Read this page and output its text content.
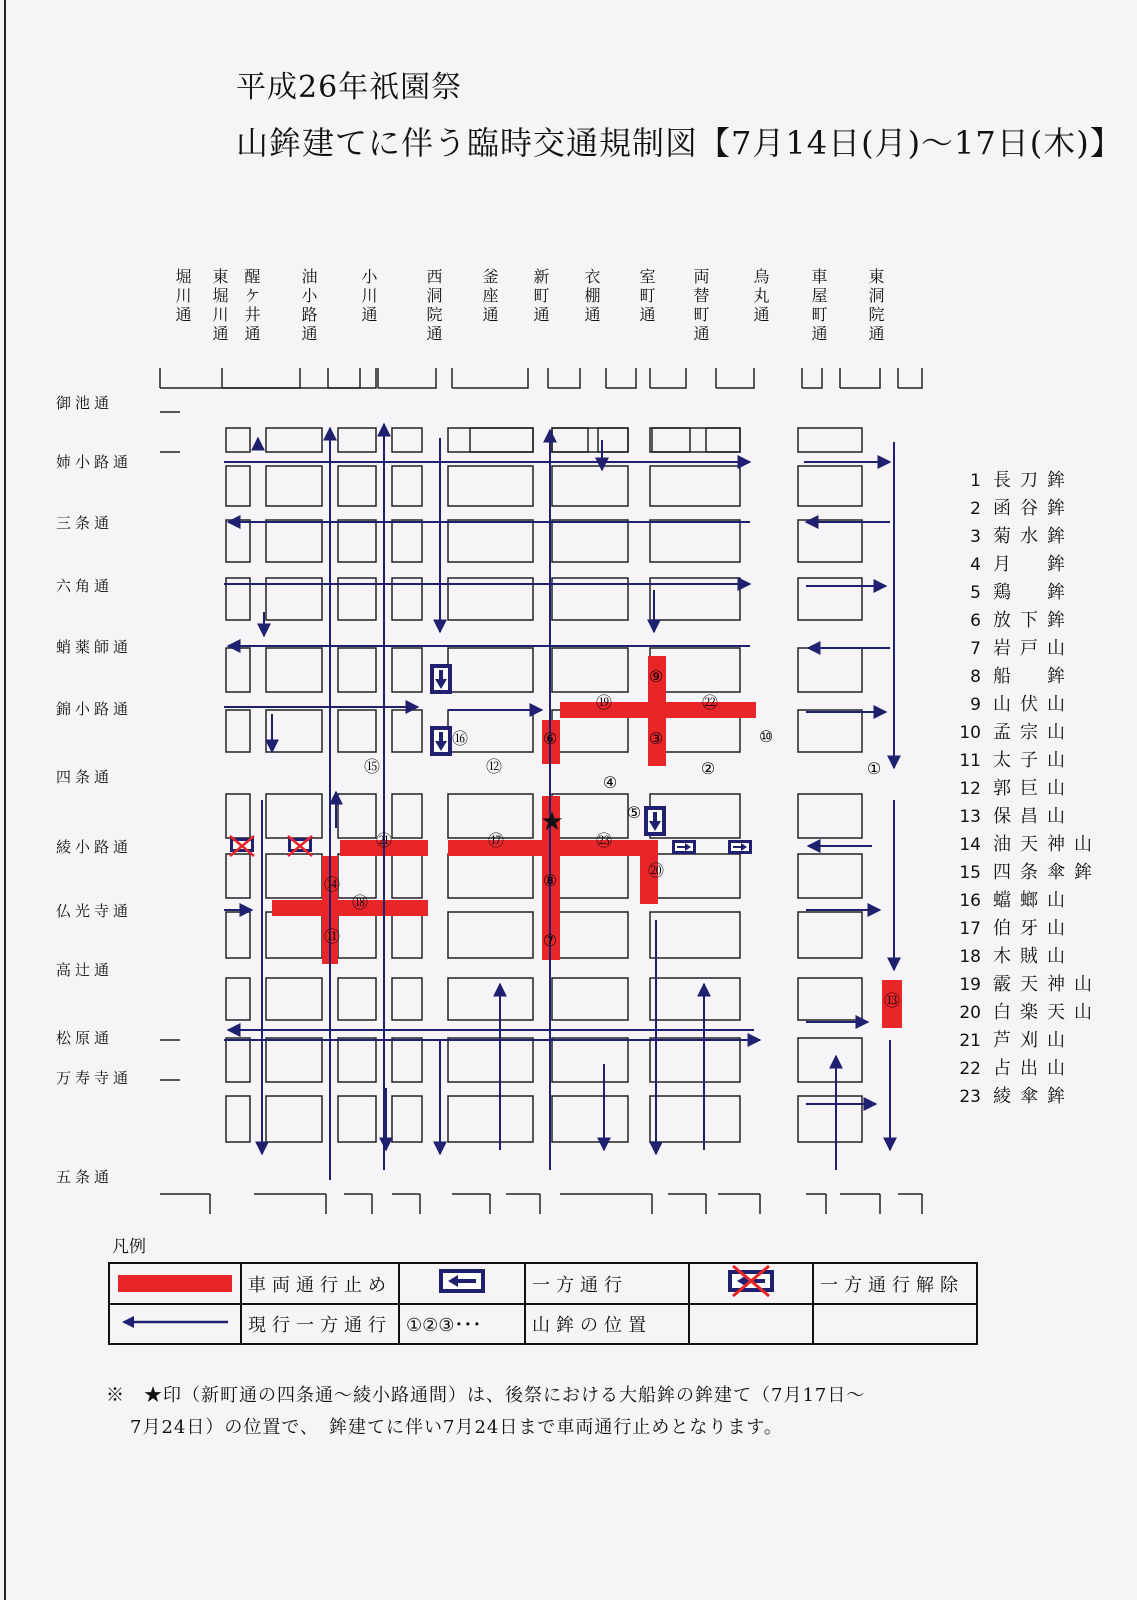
平成26年祇園祭
山鉾建てに伴う臨時交通規制図【7月14日(月)〜17日(木)】
堀川通 東堀川通 醒ケ井通 油小路通	小川通	西洞院通 釜座通 新町通 衣棚通 室町通 両替町通	烏丸通 車屋町通 東洞院通
御池通
姉小路通
三条通
六角通
蛸薬師通
錦小路通
四条通
綾小路通
仏光寺通
高辻通
松原通
万寿寺通
五条通
①
②
③
④
⑤
⑥
⑦
⑧
⑨
⑩
⑪
⑫
⑬
⑭
⑮
⑯
⑰
⑱
⑲
⑳
㉑
㉒
㉓
★
1 長刀鉾
2 函谷鉾
3 菊水鉾
4 月　鉾
5 鶏　鉾
6 放下鉾
7 岩戸山
8 船　鉾
9 山伏山
10 孟宗山
11 太子山
12 郭巨山
13 保昌山
14 油天神山
15 四条傘鉾
16 蟷螂山
17 伯牙山
18 木賊山
19 霰天神山
20 白楽天山
21 芦刈山
22 占出山
23 綾傘鉾
凡例
	車両通行止め		一方通行		一方通行解除
	現行一方通行	①②③･･･	山鉾の位置		
※　★印（新町通の四条通〜綾小路通間）は、後祭における大船鉾の鉾建て（7月17日〜
7月24日）の位置で、　鉾建てに伴い7月24日まで車両通行止めとなります。
